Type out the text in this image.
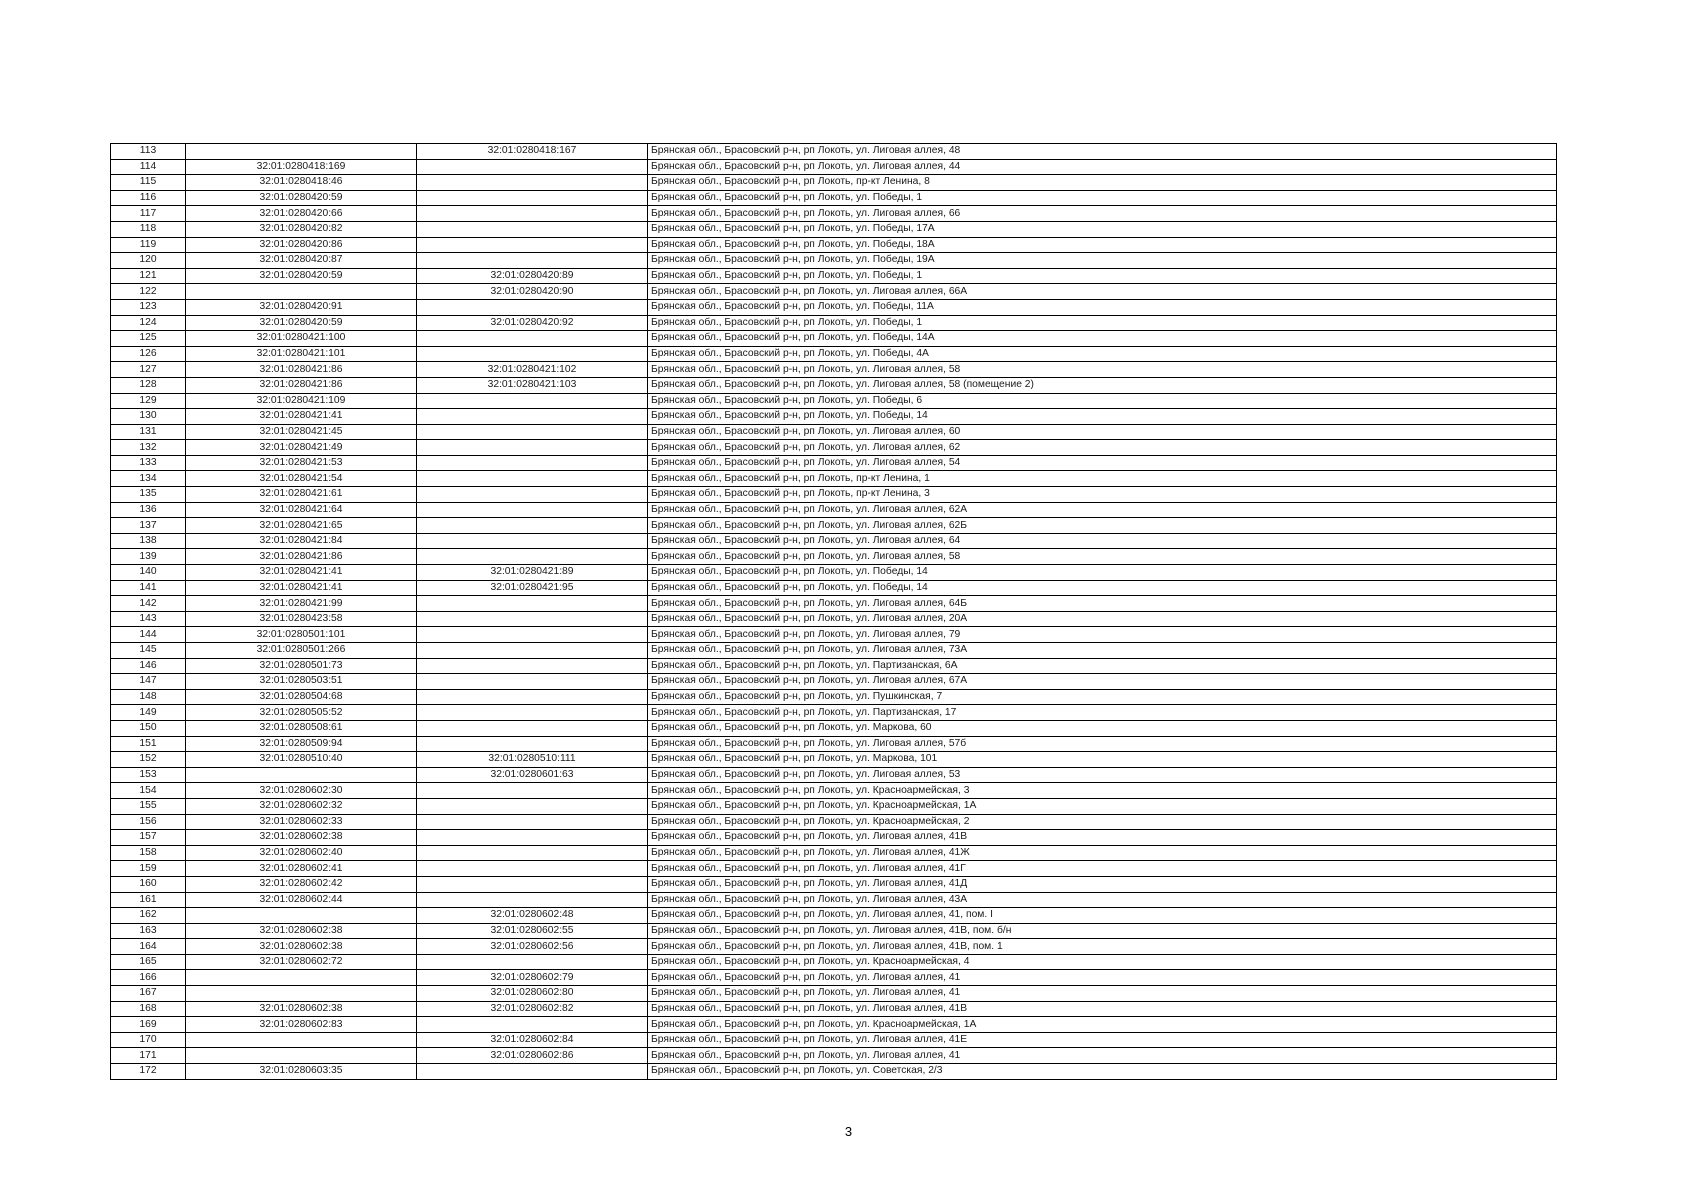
113		32:01:0280418:167	Брянская обл., Брасовский р-н, рп Локоть, ул. Лиговая аллея, 48
114	32:01:0280418:169		Брянская обл., Брасовский р-н, рп Локоть, ул. Лиговая аллея, 44
115	32:01:0280418:46		Брянская обл., Брасовский р-н, рп Локоть, пр-кт Ленина, 8
116	32:01:0280420:59		Брянская обл., Брасовский р-н, рп Локоть, ул. Победы, 1
117	32:01:0280420:66		Брянская обл., Брасовский р-н, рп Локоть, ул. Лиговая аллея, 66
118	32:01:0280420:82		Брянская обл., Брасовский р-н, рп Локоть, ул. Победы, 17А
119	32:01:0280420:86		Брянская обл., Брасовский р-н, рп Локоть, ул. Победы, 18А
120	32:01:0280420:87		Брянская обл., Брасовский р-н, рп Локоть, ул. Победы, 19А
121	32:01:0280420:59	32:01:0280420:89	Брянская обл., Брасовский р-н, рп Локоть, ул. Победы, 1
122		32:01:0280420:90	Брянская обл., Брасовский р-н, рп Локоть, ул. Лиговая аллея, 66А
123	32:01:0280420:91		Брянская обл., Брасовский р-н, рп Локоть, ул. Победы, 11А
124	32:01:0280420:59	32:01:0280420:92	Брянская обл., Брасовский р-н, рп Локоть, ул. Победы, 1
125	32:01:0280421:100		Брянская обл., Брасовский р-н, рп Локоть, ул. Победы, 14А
126	32:01:0280421:101		Брянская обл., Брасовский р-н, рп Локоть, ул. Победы, 4А
127	32:01:0280421:86	32:01:0280421:102	Брянская обл., Брасовский р-н, рп Локоть, ул. Лиговая аллея, 58
128	32:01:0280421:86	32:01:0280421:103	Брянская обл., Брасовский р-н, рп Локоть, ул. Лиговая аллея, 58 (помещение 2)
129	32:01:0280421:109		Брянская обл., Брасовский р-н, рп Локоть, ул. Победы, 6
130	32:01:0280421:41		Брянская обл., Брасовский р-н, рп Локоть, ул. Победы, 14
131	32:01:0280421:45		Брянская обл., Брасовский р-н, рп Локоть, ул. Лиговая аллея, 60
132	32:01:0280421:49		Брянская обл., Брасовский р-н, рп Локоть, ул. Лиговая аллея, 62
133	32:01:0280421:53		Брянская обл., Брасовский р-н, рп Локоть, ул. Лиговая аллея, 54
134	32:01:0280421:54		Брянская обл., Брасовский р-н, рп Локоть, пр-кт Ленина, 1
135	32:01:0280421:61		Брянская обл., Брасовский р-н, рп Локоть, пр-кт Ленина, 3
136	32:01:0280421:64		Брянская обл., Брасовский р-н, рп Локоть, ул. Лиговая аллея, 62А
137	32:01:0280421:65		Брянская обл., Брасовский р-н, рп Локоть, ул. Лиговая аллея, 62Б
138	32:01:0280421:84		Брянская обл., Брасовский р-н, рп Локоть, ул. Лиговая аллея, 64
139	32:01:0280421:86		Брянская обл., Брасовский р-н, рп Локоть, ул. Лиговая аллея, 58
140	32:01:0280421:41	32:01:0280421:89	Брянская обл., Брасовский р-н, рп Локоть, ул. Победы, 14
141	32:01:0280421:41	32:01:0280421:95	Брянская обл., Брасовский р-н, рп Локоть, ул. Победы, 14
142	32:01:0280421:99		Брянская обл., Брасовский р-н, рп Локоть, ул. Лиговая аллея, 64Б
143	32:01:0280423:58		Брянская обл., Брасовский р-н, рп Локоть, ул. Лиговая аллея, 20А
144	32:01:0280501:101		Брянская обл., Брасовский р-н, рп Локоть, ул. Лиговая аллея, 79
145	32:01:0280501:266		Брянская обл., Брасовский р-н, рп Локоть, ул. Лиговая аллея, 73А
146	32:01:0280501:73		Брянская обл., Брасовский р-н, рп Локоть, ул. Партизанская, 6А
147	32:01:0280503:51		Брянская обл., Брасовский р-н, рп Локоть, ул. Лиговая аллея, 67А
148	32:01:0280504:68		Брянская обл., Брасовский р-н, рп Локоть, ул. Пушкинская, 7
149	32:01:0280505:52		Брянская обл., Брасовский р-н, рп Локоть, ул. Партизанская, 17
150	32:01:0280508:61		Брянская обл., Брасовский р-н, рп Локоть, ул. Маркова, 60
151	32:01:0280509:94		Брянская обл., Брасовский р-н, рп Локоть, ул. Лиговая аллея, 57б
152	32:01:0280510:40	32:01:0280510:111	Брянская обл., Брасовский р-н, рп Локоть, ул. Маркова, 101
153		32:01:0280601:63	Брянская обл., Брасовский р-н, рп Локоть, ул. Лиговая аллея, 53
154	32:01:0280602:30		Брянская обл., Брасовский р-н, рп Локоть, ул. Красноармейская, 3
155	32:01:0280602:32		Брянская обл., Брасовский р-н, рп Локоть, ул. Красноармейская, 1А
156	32:01:0280602:33		Брянская обл., Брасовский р-н, рп Локоть, ул. Красноармейская, 2
157	32:01:0280602:38		Брянская обл., Брасовский р-н, рп Локоть, ул. Лиговая аллея, 41В
158	32:01:0280602:40		Брянская обл., Брасовский р-н, рп Локоть, ул. Лиговая аллея, 41Ж
159	32:01:0280602:41		Брянская обл., Брасовский р-н, рп Локоть, ул. Лиговая аллея, 41Г
160	32:01:0280602:42		Брянская обл., Брасовский р-н, рп Локоть, ул. Лиговая аллея, 41Д
161	32:01:0280602:44		Брянская обл., Брасовский р-н, рп Локоть, ул. Лиговая аллея, 43А
162		32:01:0280602:48	Брянская обл., Брасовский р-н, рп Локоть, ул. Лиговая аллея, 41, пом. I
163	32:01:0280602:38	32:01:0280602:55	Брянская обл., Брасовский р-н, рп Локоть, ул. Лиговая аллея, 41В, пом. б/н
164	32:01:0280602:38	32:01:0280602:56	Брянская обл., Брасовский р-н, рп Локоть, ул. Лиговая аллея, 41В, пом. 1
165	32:01:0280602:72		Брянская обл., Брасовский р-н, рп Локоть, ул. Красноармейская, 4
166		32:01:0280602:79	Брянская обл., Брасовский р-н, рп Локоть, ул. Лиговая аллея, 41
167		32:01:0280602:80	Брянская обл., Брасовский р-н, рп Локоть, ул. Лиговая аллея, 41
168	32:01:0280602:38	32:01:0280602:82	Брянская обл., Брасовский р-н, рп Локоть, ул. Лиговая аллея, 41В
169	32:01:0280602:83		Брянская обл., Брасовский р-н, рп Локоть, ул. Красноармейская, 1А
170		32:01:0280602:84	Брянская обл., Брасовский р-н, рп Локоть, ул. Лиговая аллея, 41Е
171		32:01:0280602:86	Брянская обл., Брасовский р-н, рп Локоть, ул. Лиговая аллея, 41
172	32:01:0280603:35		Брянская обл., Брасовский р-н, рп Локоть, ул. Советская, 2/3
3
